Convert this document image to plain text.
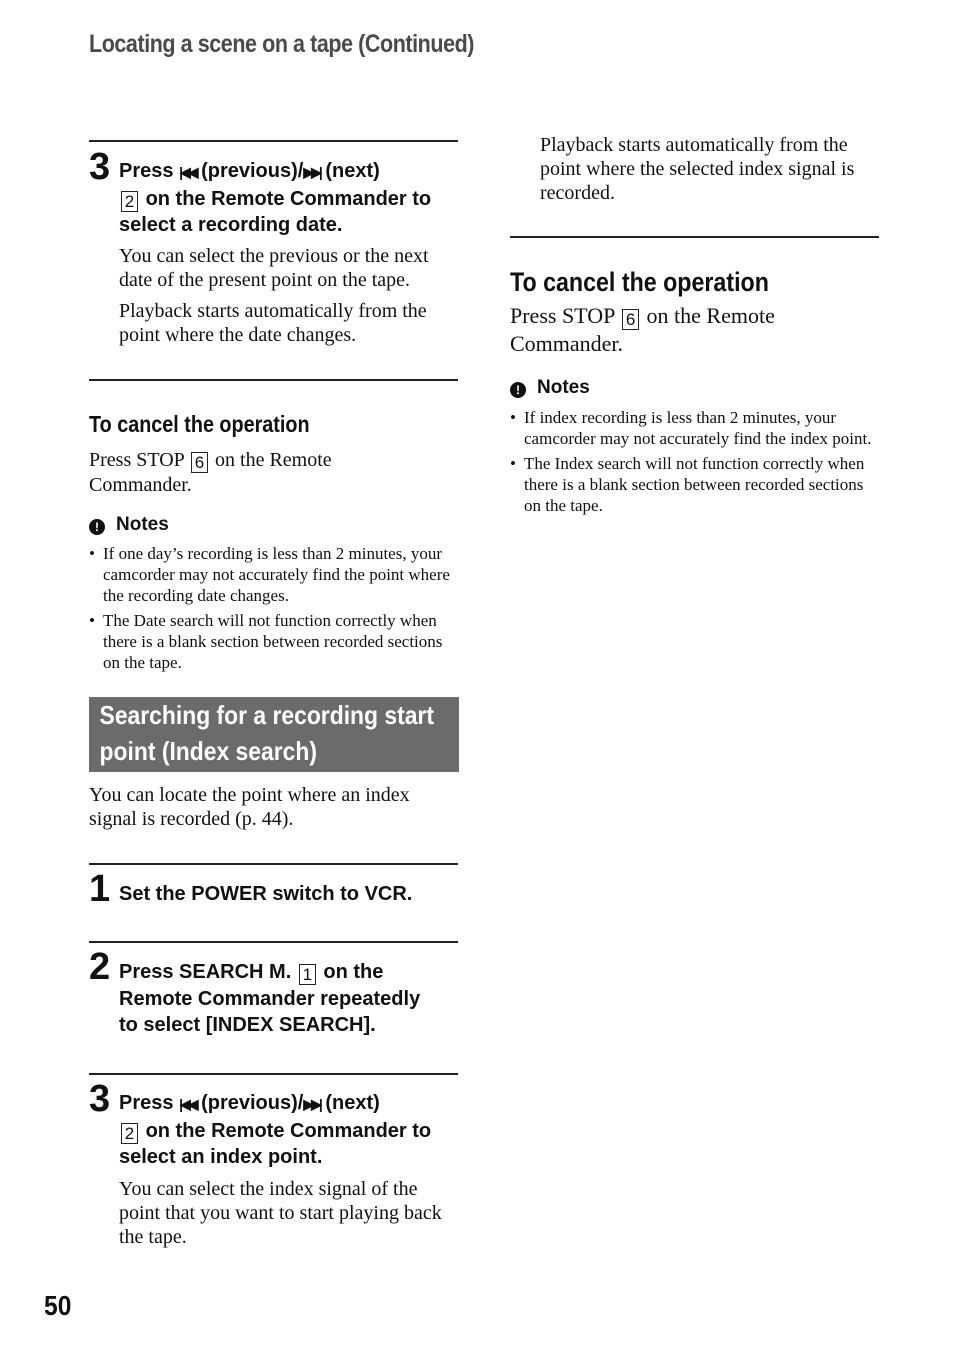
Locating a scene on a tape (Continued)
3 Press |◀◀ (previous)/▶▶| (next)
2 on the Remote Commander to
select a recording date.

You can select the previous or the next date of the present point on the tape.

Playback starts automatically from the point where the date changes.

To cancel the operation
Press STOP 6 on the Remote Commander.
! Notes
• If one day’s recording is less than 2 minutes, your camcorder may not accurately find the point where the recording date changes.
• The Date search will not function correctly when there is a blank section between recorded sections on the tape.
Searching for a recording start
point (Index search)
You can locate the point where an index signal is recorded (p. 44).
1 Set the POWER switch to VCR.
2 Press SEARCH M. 1 on the
Remote Commander repeatedly
to select [INDEX SEARCH].
3 Press |◀◀ (previous)/▶▶| (next)
2 on the Remote Commander to
select an index point.

You can select the index signal of the point that you want to start playing back the tape.

Playback starts automatically from the point where the selected index signal is recorded.

To cancel the operation
Press STOP 6 on the Remote Commander.
! Notes
• If index recording is less than 2 minutes, your camcorder may not accurately find the index point.
• The Index search will not function correctly when there is a blank section between recorded sections on the tape.
50
